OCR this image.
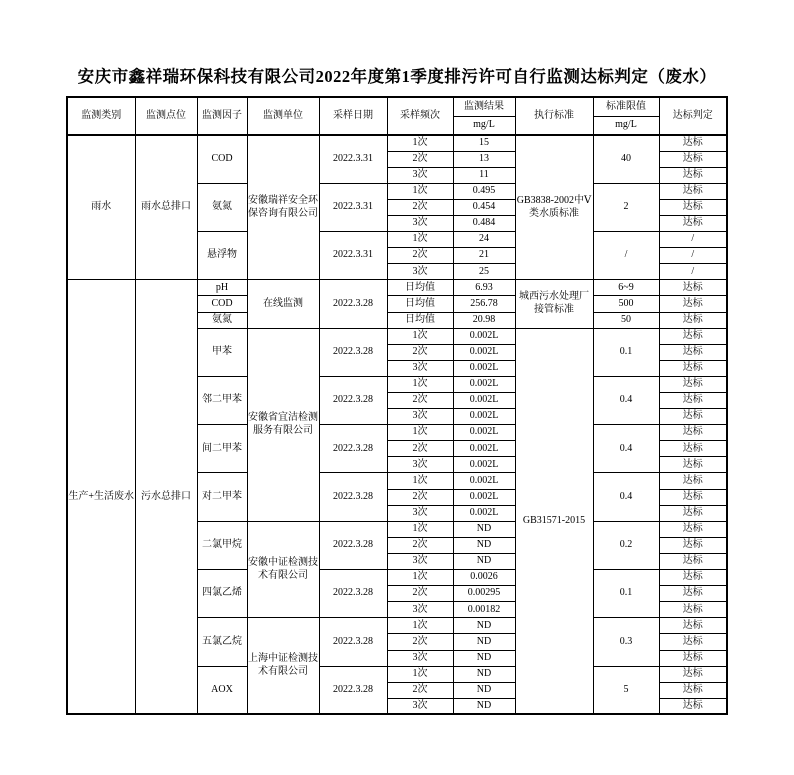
安庆市鑫祥瑞环保科技有限公司2022年度第1季度排污许可自行监测达标判定（废水）
监测类别	监测点位	监测因子	监测单位	采样日期	采样频次	监测结果	执行标准	标准限值	达标判定
						mg/L		mg/L	
雨水	雨水总排口	COD	安徽瑞祥安全环保咨询有限公司	2022.3.31	1次	15	GB3838-2002中Ⅴ类水质标准	40	达标
					2次	13			达标
					3次	11			达标
		氨氮		2022.3.31	1次	0.495		2	达标
					2次	0.454			达标
					3次	0.484			达标
		悬浮物		2022.3.31	1次	24		/	/
					2次	21			/
					3次	25			/
生产+生活废水	污水总排口	pH	在线监测	2022.3.28	日均值	6.93	城西污水处理厂接管标准	6~9	达标
		COD			日均值	256.78		500	达标
		氨氮			日均值	20.98		50	达标
		甲苯	安徽省宜洁检测服务有限公司	2022.3.28	1次	0.002L	GB31571-2015	0.1	达标
					2次	0.002L			达标
					3次	0.002L			达标
		邻二甲苯		2022.3.28	1次	0.002L		0.4	达标
					2次	0.002L			达标
					3次	0.002L			达标
		间二甲苯		2022.3.28	1次	0.002L		0.4	达标
					2次	0.002L			达标
					3次	0.002L			达标
		对二甲苯		2022.3.28	1次	0.002L		0.4	达标
					2次	0.002L			达标
					3次	0.002L			达标
		二氯甲烷	安徽中证检测技术有限公司	2022.3.28	1次	ND		0.2	达标
					2次	ND			达标
					3次	ND			达标
		四氯乙烯		2022.3.28	1次	0.0026		0.1	达标
					2次	0.00295			达标
					3次	0.00182			达标
		五氯乙烷	上海中证检测技术有限公司	2022.3.28	1次	ND		0.3	达标
					2次	ND			达标
					3次	ND			达标
		AOX		2022.3.28	1次	ND		5	达标
					2次	ND			达标
					3次	ND			达标
